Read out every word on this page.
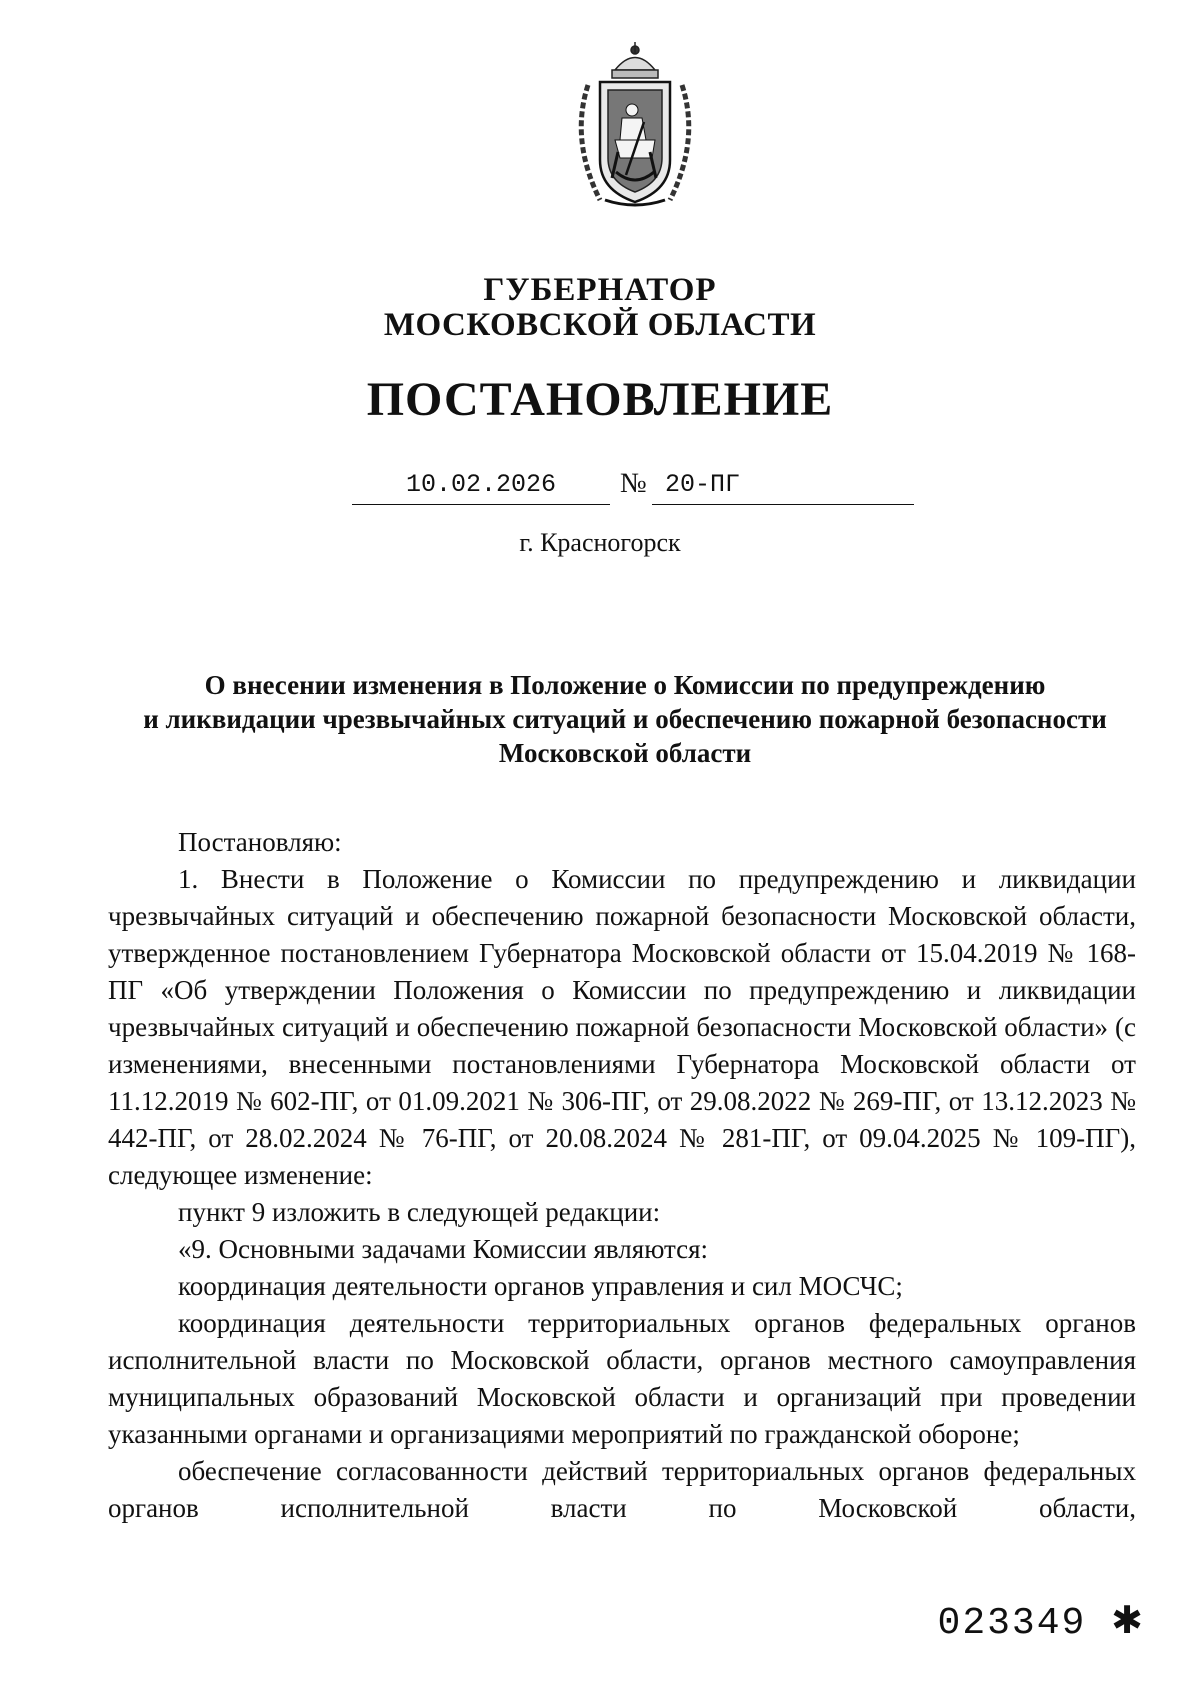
ГУБЕРНАТОР
МОСКОВСКОЙ ОБЛАСТИ
ПОСТАНОВЛЕНИЕ
10.02.2026	№ 20-ПГ
г. Красногорск
О внесении изменения в Положение о Комиссии по предупреждению
и ликвидации чрезвычайных ситуаций и обеспечению пожарной безопасности
Московской области

Постановляю:

1. Внести в Положение о Комиссии по предупреждению и ликвидации чрезвычайных ситуаций и обеспечению пожарной безопасности Московской области, утвержденное постановлением Губернатора Московской области от 15.04.2019 № 168-ПГ «Об утверждении Положения о Комиссии по предупреждению и ликвидации чрезвычайных ситуаций и обеспечению пожарной безопасности Московской области» (с изменениями, внесенными постановлениями Губернатора Московской области от 11.12.2019 № 602-ПГ, от 01.09.2021 № 306-ПГ, от 29.08.2022 № 269-ПГ, от 13.12.2023 № 442-ПГ, от 28.02.2024 № 76-ПГ, от 20.08.2024 № 281-ПГ, от 09.04.2025 № 109-ПГ), следующее изменение:

пункт 9 изложить в следующей редакции:

«9. Основными задачами Комиссии являются:

координация деятельности органов управления и сил МОСЧС;

координация деятельности территориальных органов федеральных органов исполнительной власти по Московской области, органов местного самоуправления муниципальных образований Московской области и организаций при проведении указанными органами и организациями мероприятий по гражданской обороне;

обеспечение согласованности действий территориальных органов федеральных органов исполнительной власти по Московской области,

023349 ✱
